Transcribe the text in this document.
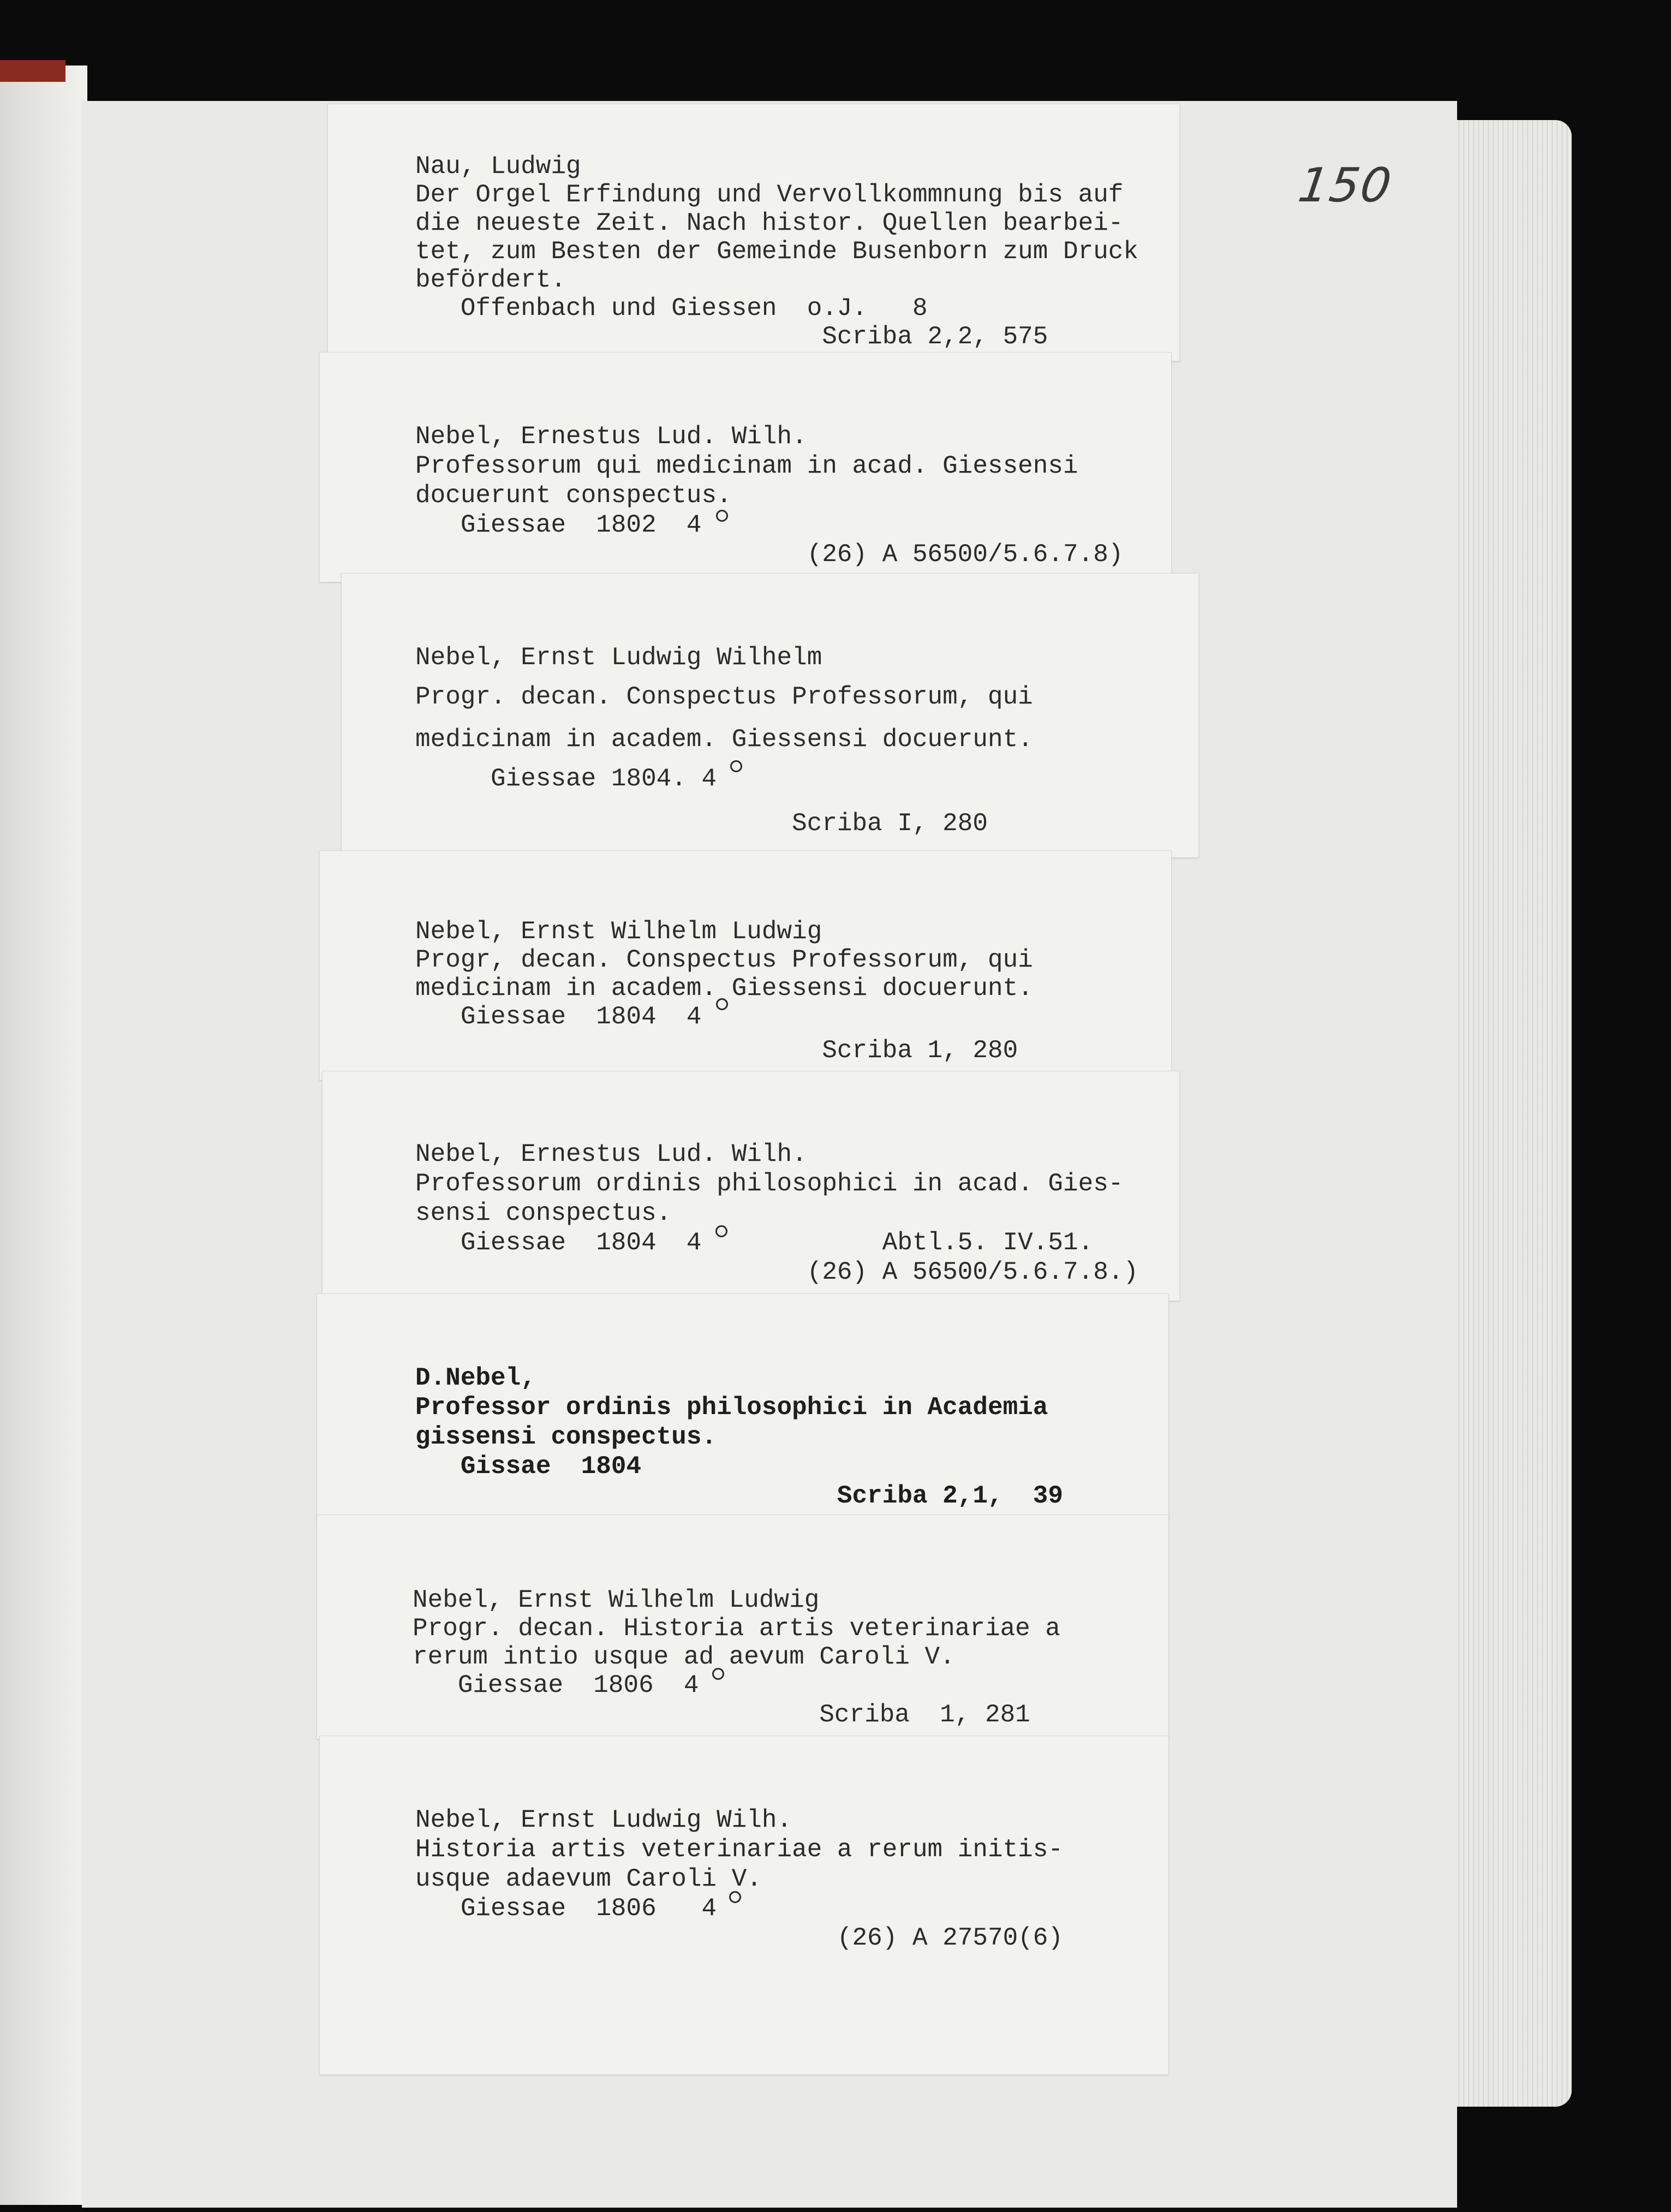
150
Nau, Ludwig
Der Orgel Erfindung und Vervollkommnung bis auf
die neueste Zeit. Nach histor. Quellen bearbei-
tet, zum Besten der Gemeinde Busenborn zum Druck
befördert.
Offenbach und Giessen  o.J.   8
Scriba 2,2, 575
Nebel, Ernestus Lud. Wilh.
Professorum qui medicinam in acad. Giessensi
docuerunt conspectus.
Giessae  1802  4
(26) A 56500/5.6.7.8)
Nebel, Ernst Ludwig Wilhelm
Progr. decan. Conspectus Professorum, qui
medicinam in academ. Giessensi docuerunt.
Giessae 1804. 4
Scriba I, 280
Nebel, Ernst Wilhelm Ludwig
Progr, decan. Conspectus Professorum, qui
medicinam in academ. Giessensi docuerunt.
Giessae  1804  4
Scriba 1, 280
Nebel, Ernestus Lud. Wilh.
Professorum ordinis philosophici in acad. Gies-
sensi conspectus.
Giessae  1804  4            Abtl.5. IV.51.
(26) A 56500/5.6.7.8.)
D.Nebel,
Professor ordinis philosophici in Academia
gissensi conspectus.
Gissae  1804
Scriba 2,1,  39
Nebel, Ernst Wilhelm Ludwig
Progr. decan. Historia artis veterinariae a
rerum intio usque ad aevum Caroli V.
Giessae  1806  4
Scriba  1, 281
Nebel, Ernst Ludwig Wilh.
Historia artis veterinariae a rerum initis-
usque adaevum Caroli V.
Giessae  1806   4
(26) A 27570(6)
